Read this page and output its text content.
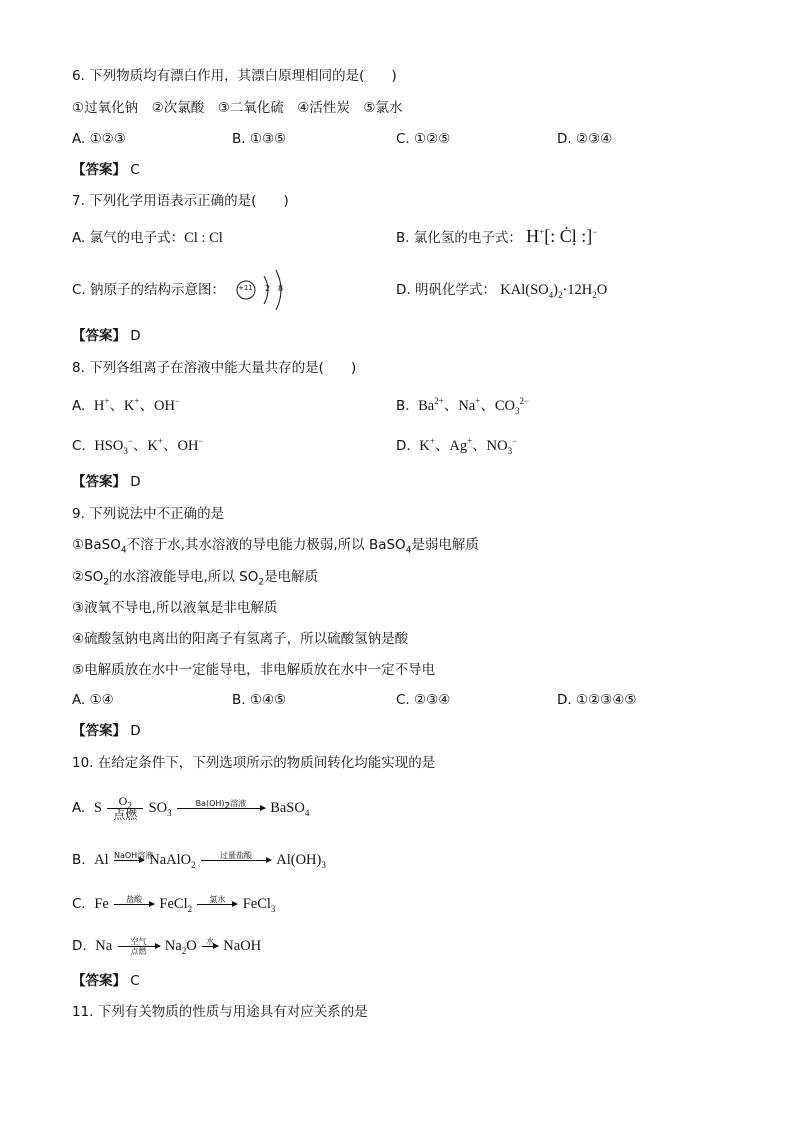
6. 下列物质均有漂白作用，其漂白原理相同的是(　　)
①过氧化钠　②次氯酸　③二氧化硫　④活性炭　⑤氯水
A. ①②③	B. ①③⑤	C. ①②⑤	D. ②③④
【答案】 C
7. 下列化学用语表示正确的是(　　)
A. 氯气的电子式：Cl : Cl	B. 氯化氢的电子式： H+[: Ċḷ :]−
C. 钠原子的结构示意图： +11 2 8	D. 明矾化学式： $KAl(SO_4)_2\cdot 12H_2O$
【答案】 D
8. 下列各组离子在溶液中能大量共存的是(　　)
A.  H+、K+、OH−	B.  $Ba^{2+}$、Na+、$CO_3^{2-}$
C.  $HSO_3^-$、K+、OH−	D.  K+、Ag+、$NO_3^-$
【答案】 D
9. 下列说法中不正确的是
①BaSO$_4$不溶于水,其水溶液的导电能力极弱,所以 BaSO$_4$是弱电解质
$②SO_2$的水溶液能导电,所以 $SO_2$是电解质
③液氧不导电,所以液氧是非电解质
④硫酸氢钠电离出的阳离子有氢离子，所以硫酸氢钠是酸
⑤电解质放在水中一定能导电，非电解质放在水中一定不导电
A. ①④	B. ①④⑤	C. ②③④	D. ①②③④⑤
【答案】 D
10. 在给定条件下，下列选项所示的物质间转化均能实现的是
A. S	$O_2$
点燃 $SO_3$
$Ba(OH)_2$溶液
	BaSO$_4$
B. Al NaOH溶液

NaAlO$_2$
过量盐酸
	$Al(OH)_3$
C. Fe	盐酸
	FeCl$_2$
氯水
	FeCl$_3$
D. Na	空气
点燃	$Na_2O$	水
NaOH
【答案】 C
11. 下列有关物质的性质与用途具有对应关系的是
